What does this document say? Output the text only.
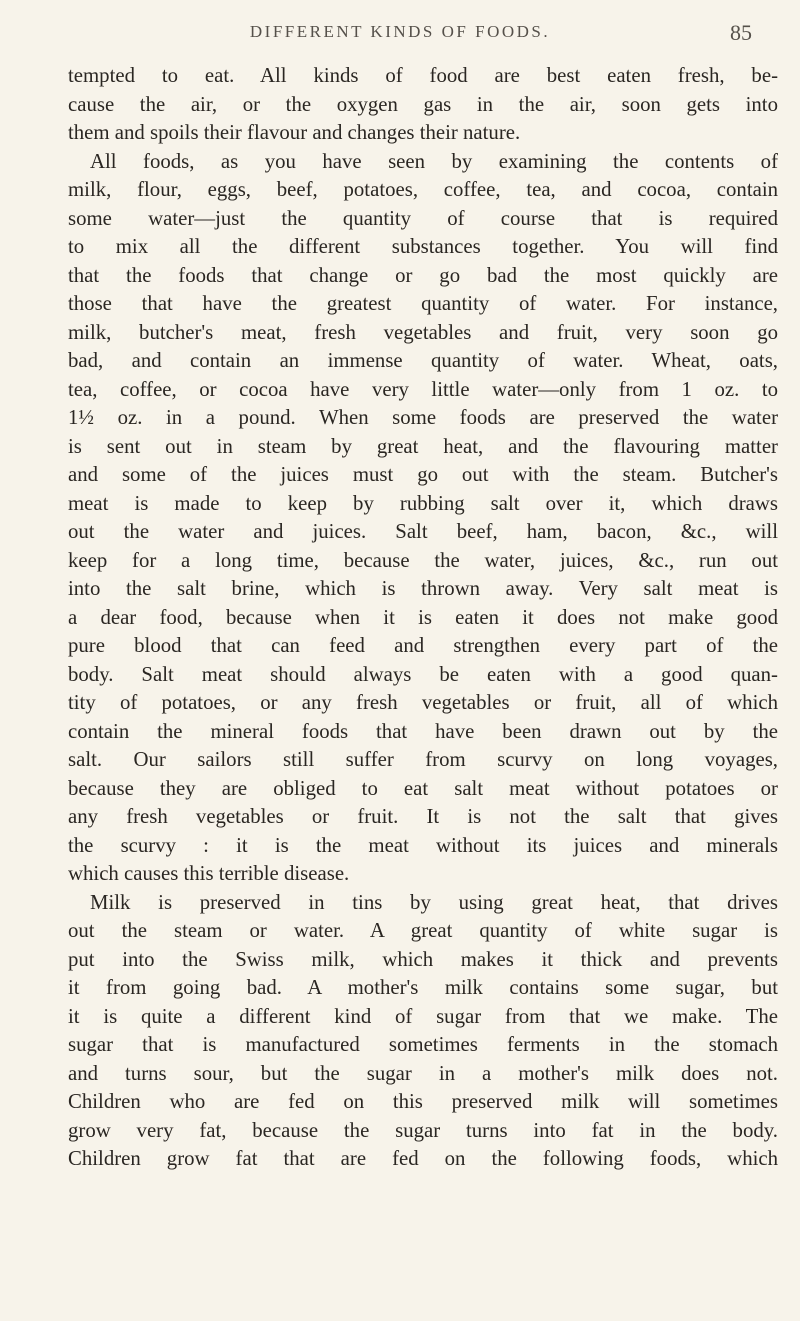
DIFFERENT KINDS OF FOODS.	85
tempted to eat. All kinds of food are best eaten fresh, be-
cause the air, or the oxygen gas in the air, soon gets into
them and spoils their flavour and changes their nature.
All foods, as you have seen by examining the contents of
milk, flour, eggs, beef, potatoes, coffee, tea, and cocoa, contain
some water—just the quantity of course that is required
to mix all the different substances together. You will find
that the foods that change or go bad the most quickly are
those that have the greatest quantity of water. For instance,
milk, butcher's meat, fresh vegetables and fruit, very soon go
bad, and contain an immense quantity of water. Wheat, oats,
tea, coffee, or cocoa have very little water—only from 1 oz. to
1½ oz. in a pound. When some foods are preserved the water
is sent out in steam by great heat, and the flavouring matter
and some of the juices must go out with the steam. Butcher's
meat is made to keep by rubbing salt over it, which draws
out the water and juices. Salt beef, ham, bacon, &c., will
keep for a long time, because the water, juices, &c., run out
into the salt brine, which is thrown away. Very salt meat is
a dear food, because when it is eaten it does not make good
pure blood that can feed and strengthen every part of the
body. Salt meat should always be eaten with a good quan-
tity of potatoes, or any fresh vegetables or fruit, all of which
contain the mineral foods that have been drawn out by the
salt. Our sailors still suffer from scurvy on long voyages,
because they are obliged to eat salt meat without potatoes or
any fresh vegetables or fruit. It is not the salt that gives
the scurvy : it is the meat without its juices and minerals
which causes this terrible disease.
Milk is preserved in tins by using great heat, that drives
out the steam or water. A great quantity of white sugar is
put into the Swiss milk, which makes it thick and prevents
it from going bad. A mother's milk contains some sugar, but
it is quite a different kind of sugar from that we make. The
sugar that is manufactured sometimes ferments in the stomach
and turns sour, but the sugar in a mother's milk does not.
Children who are fed on this preserved milk will sometimes
grow very fat, because the sugar turns into fat in the body.
Children grow fat that are fed on the following foods, which
